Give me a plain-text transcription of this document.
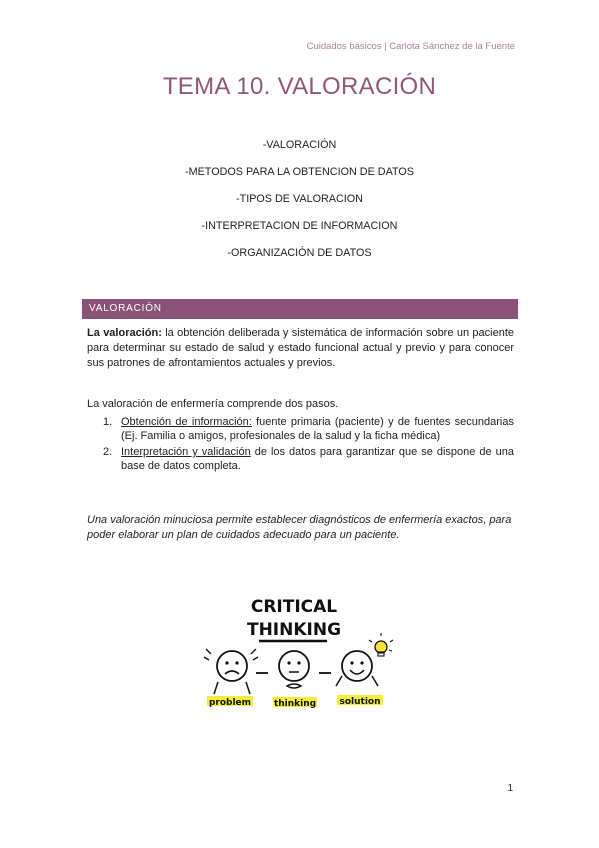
Cuidados básicos | Carlota Sánchez de la Fuente
TEMA 10. VALORACIÓN
-VALORACIÓN
-METODOS PARA LA OBTENCION DE DATOS
-TIPOS DE VALORACION
-INTERPRETACION DE INFORMACION
-ORGANIZACIÓN DE DATOS
VALORACIÓN
La valoración: la obtención deliberada y sistemática de información sobre un paciente para determinar su estado de salud y estado funcional actual y previo y para conocer sus patrones de afrontamientos actuales y previos.
La valoración de enfermería comprende dos pasos.
1. Obtención de información: fuente primaria (paciente) y de fuentes secundarias (Ej. Familia o amigos, profesionales de la salud y la ficha médica)
2. Interpretación y validación de los datos para garantizar que se dispone de una base de datos completa.
Una valoración minuciosa permite establecer diagnósticos de enfermería exactos, para poder elaborar un plan de cuidados adecuado para un paciente.
CRITICAL
THINKING
problem	thinking	solution
1
